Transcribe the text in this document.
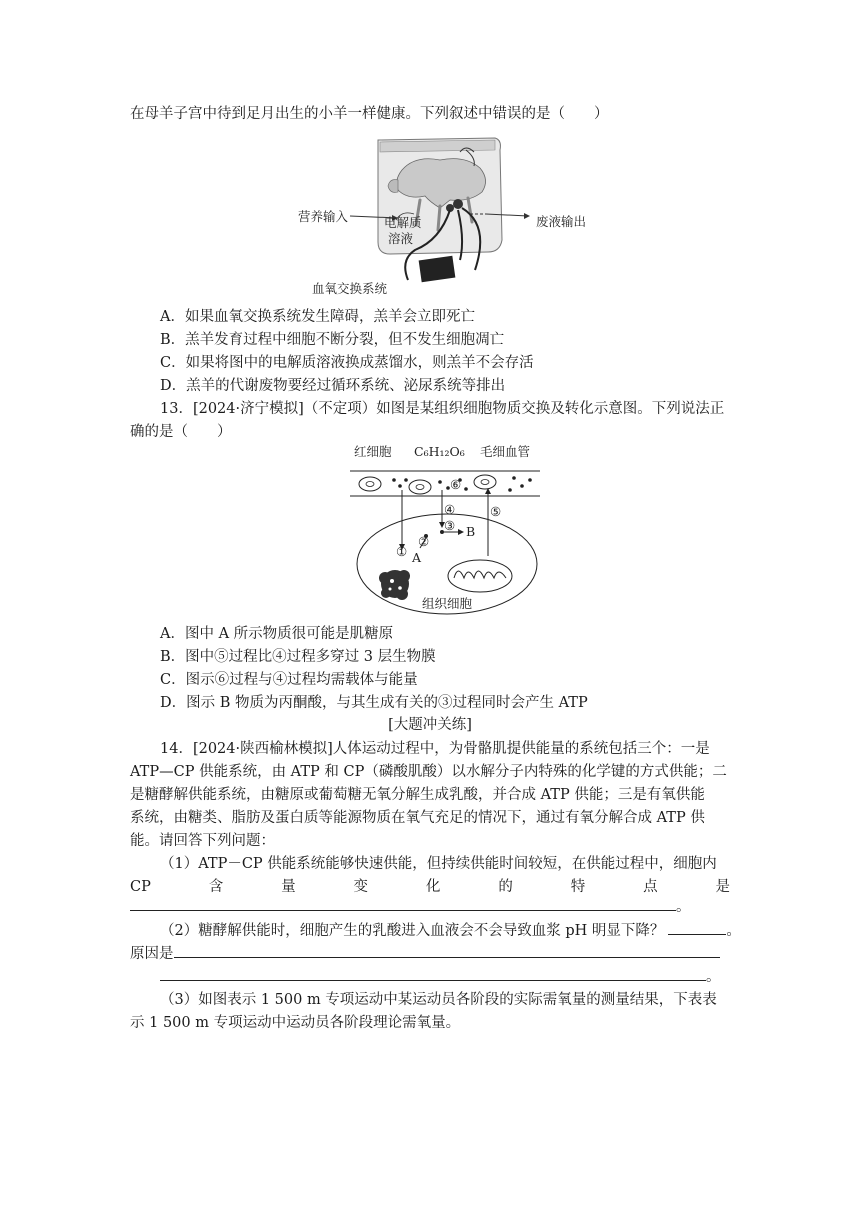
在母羊子宫中待到足月出生的小羊一样健康。下列叙述中错误的是（　　）
营养输入	电解质
溶液
废液输出
血氧交换系统
A．如果血氧交换系统发生障碍，羔羊会立即死亡
B．羔羊发育过程中细胞不断分裂，但不发生细胞凋亡
C．如果将图中的电解质溶液换成蒸馏水，则羔羊不会存活
D．羔羊的代谢废物要经过循环系统、泌尿系统等排出
13．[2024·济宁模拟]（不定项）如图是某组织细胞物质交换及转化示意图。下列说法正
确的是（　　）
红细胞 C₆H₁₂O₆ 毛细血管
⑥
④	⑤
③ B
②
① A
组织细胞
A．图中 A 所示物质很可能是肌糖原
B．图中⑤过程比④过程多穿过 3 层生物膜
C．图示⑥过程与④过程均需载体与能量
D．图示 B 物质为丙酮酸，与其生成有关的③过程同时会产生 ATP
[大题冲关练]
14．[2024·陕西榆林模拟]人体运动过程中，为骨骼肌提供能量的系统包括三个：一是
ATP—CP 供能系统，由 ATP 和 CP（磷酸肌酸）以水解分子内特殊的化学键的方式供能；二
是糖酵解供能系统，由糖原或葡萄糖无氧分解生成乳酸，并合成 ATP 供能；三是有氧供能
系统，由糖类、脂肪及蛋白质等能源物质在氧气充足的情况下，通过有氧分解合成 ATP 供
能。请回答下列问题：
（1）ATP－CP 供能系统能够快速供能，但持续供能时间较短，在供能过程中，细胞内
CP	含	量	变	化	的	特	点	是
。
（2）糖酵解供能时，细胞产生的乳酸进入血液会不会导致血浆 pH 明显下降？	。
原因是
。
（3）如图表示 1 500 m 专项运动中某运动员各阶段的实际需氧量的测量结果，下表表
示 1 500 m 专项运动中运动员各阶段理论需氧量。
